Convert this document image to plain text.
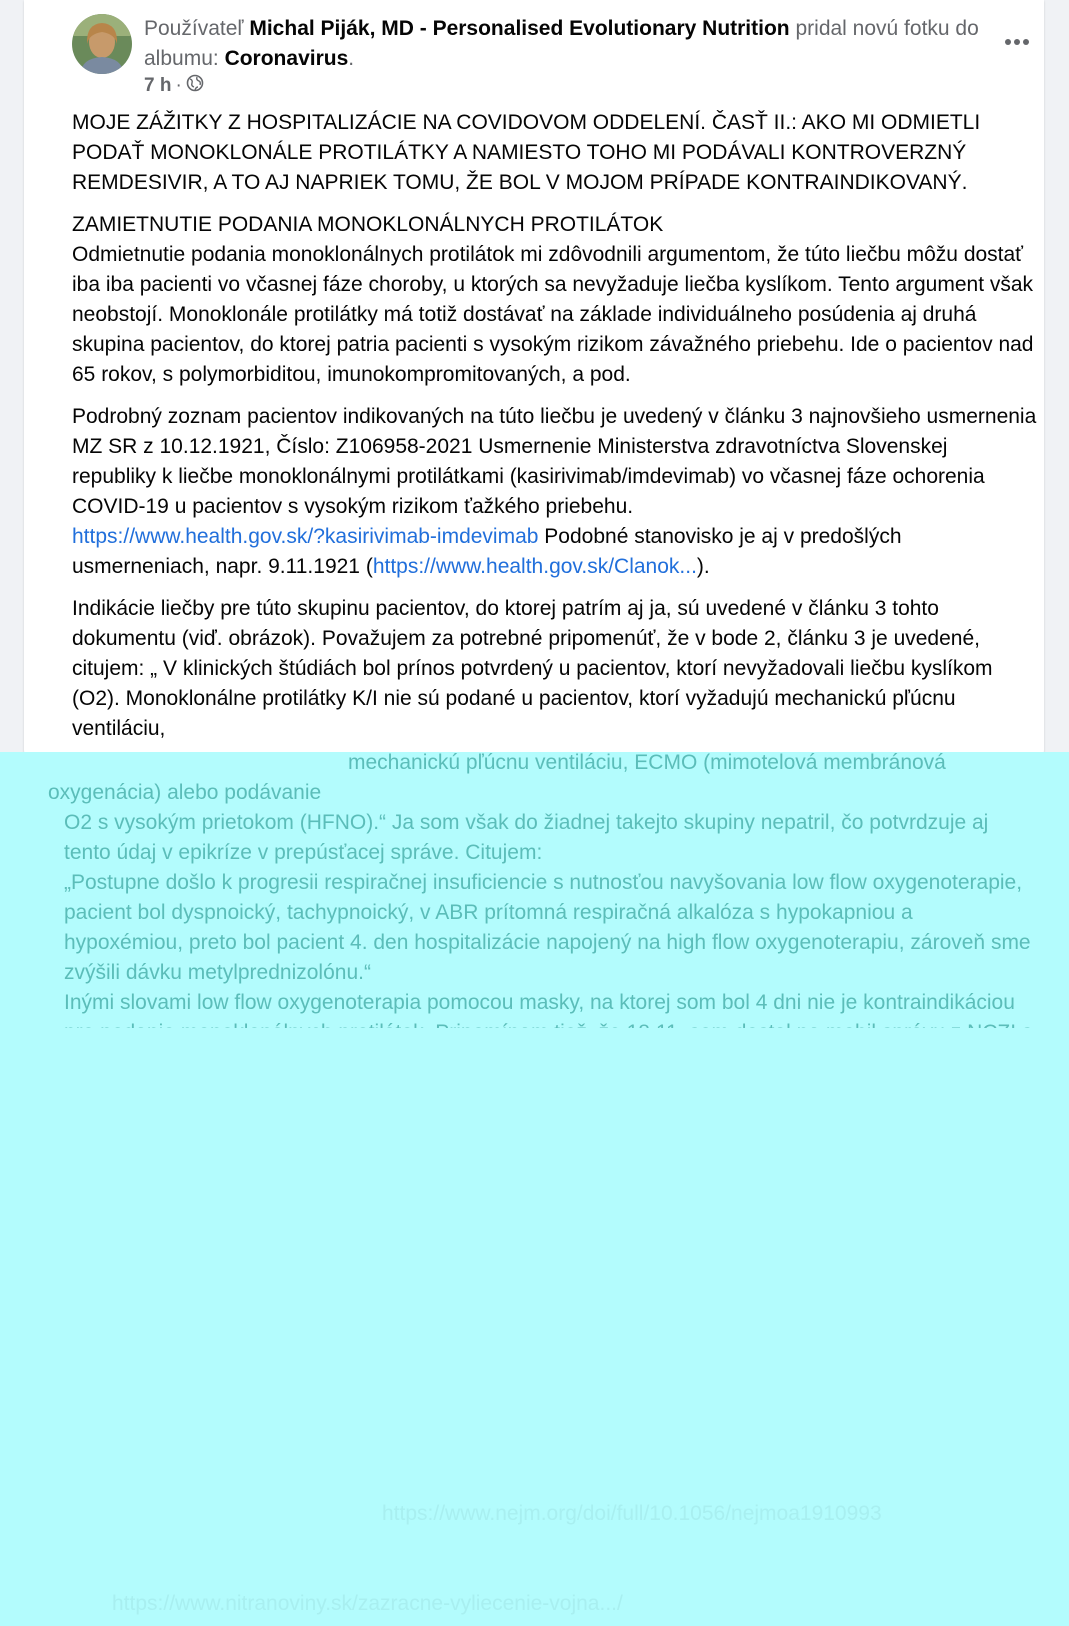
Používateľ Michal Piják, MD - Personalised Evolutionary Nutrition pridal novú fotku do albumu: Coronavirus.
7 h ·

MOJE ZÁŽITKY Z HOSPITALIZÁCIE NA COVIDOVOM ODDELENÍ. ČASŤ II.: AKO MI ODMIETLI PODAŤ MONOKLONÁLE PROTILÁTKY A NAMIESTO TOHO MI PODÁVALI KONTROVERZNÝ REMDESIVIR, A TO AJ NAPRIEK TOMU, ŽE BOL V MOJOM PRÍPADE KONTRAINDIKOVANÝ.

ZAMIETNUTIE PODANIA MONOKLONÁLNYCH PROTILÁTOK
Odmietnutie podania monoklonálnych protilátok mi zdôvodnili argumentom, že túto liečbu môžu dostať iba iba pacienti vo včasnej fáze choroby, u ktorých sa nevyžaduje liečba kyslíkom. Tento argument však neobstojí. Monoklonále protilátky má totiž dostávať na základe individuálneho posúdenia aj druhá skupina pacientov, do ktorej patria pacienti s vysokým rizikom závažného priebehu. Ide o pacientov nad 65 rokov, s polymorbiditou, imunokompromitovaných, a pod.

Podrobný zoznam pacientov indikovaných na túto liečbu je uvedený v článku 3 najnovšieho usmernenia MZ SR z 10.12.1921, Číslo: Z106958-2021 Usmernenie Ministerstva zdravotníctva Slovenskej republiky k liečbe monoklonálnymi protilátkami (kasirivimab/imdevimab) vo včasnej fáze ochorenia COVID-19 u pacientov s vysokým rizikom ťažkého priebehu.
https://www.health.gov.sk/?kasirivimab-imdevimab Podobné stanovisko je aj v predošlých usmerneniach, napr. 9.11.1921 (https://www.health.gov.sk/Clanok...).

Indikácie liečby pre túto skupinu pacientov, do ktorej patrím aj ja, sú uvedené v článku 3 tohto dokumentu (viď. obrázok). Považujem za potrebné pripomenúť, že v bode 2, článku 3 je uvedené, citujem: „ V klinických štúdiách bol prínos potvrdený u pacientov, ktorí nevyžadovali liečbu kyslíkom (O2). Monoklonálne protilátky K/I nie sú podané u pacientov, ktorí vyžadujú mechanickú pľúcnu ventiláciu,

mechanickú pľúcnu ventiláciu, ECMO (mimotelová membránová oxygenácia) alebo podávanie

O2 s vysokým prietokom (HFNO).“ Ja som však do žiadnej takejto skupiny nepatril, čo potvrdzuje aj tento údaj v epikríze v prepúsťacej správe. Citujem:

„Postupne došlo k progresii respiračnej insuficiencie s nutnosťou navyšovania low flow oxygenoterapie, pacient bol dyspnoický, tachypnoický, v ABR prítomná respiračná alkalóza s hypokapniou a hypoxémiou, preto bol pacient 4. den hospitalizácie napojený na high flow oxygenoterapiu, zároveň sme zvýšili dávku metylprednizolónu.“

Inými slovami low flow oxygenoterapia pomocou masky, na ktorej som bol 4 dni nie je kontraindikáciou

https://www.nejm.org/doi/full/10.1056/nejmoa1910993
https://www.nitranoviny.sk/zazracne-vyliecenie-vojna.../
